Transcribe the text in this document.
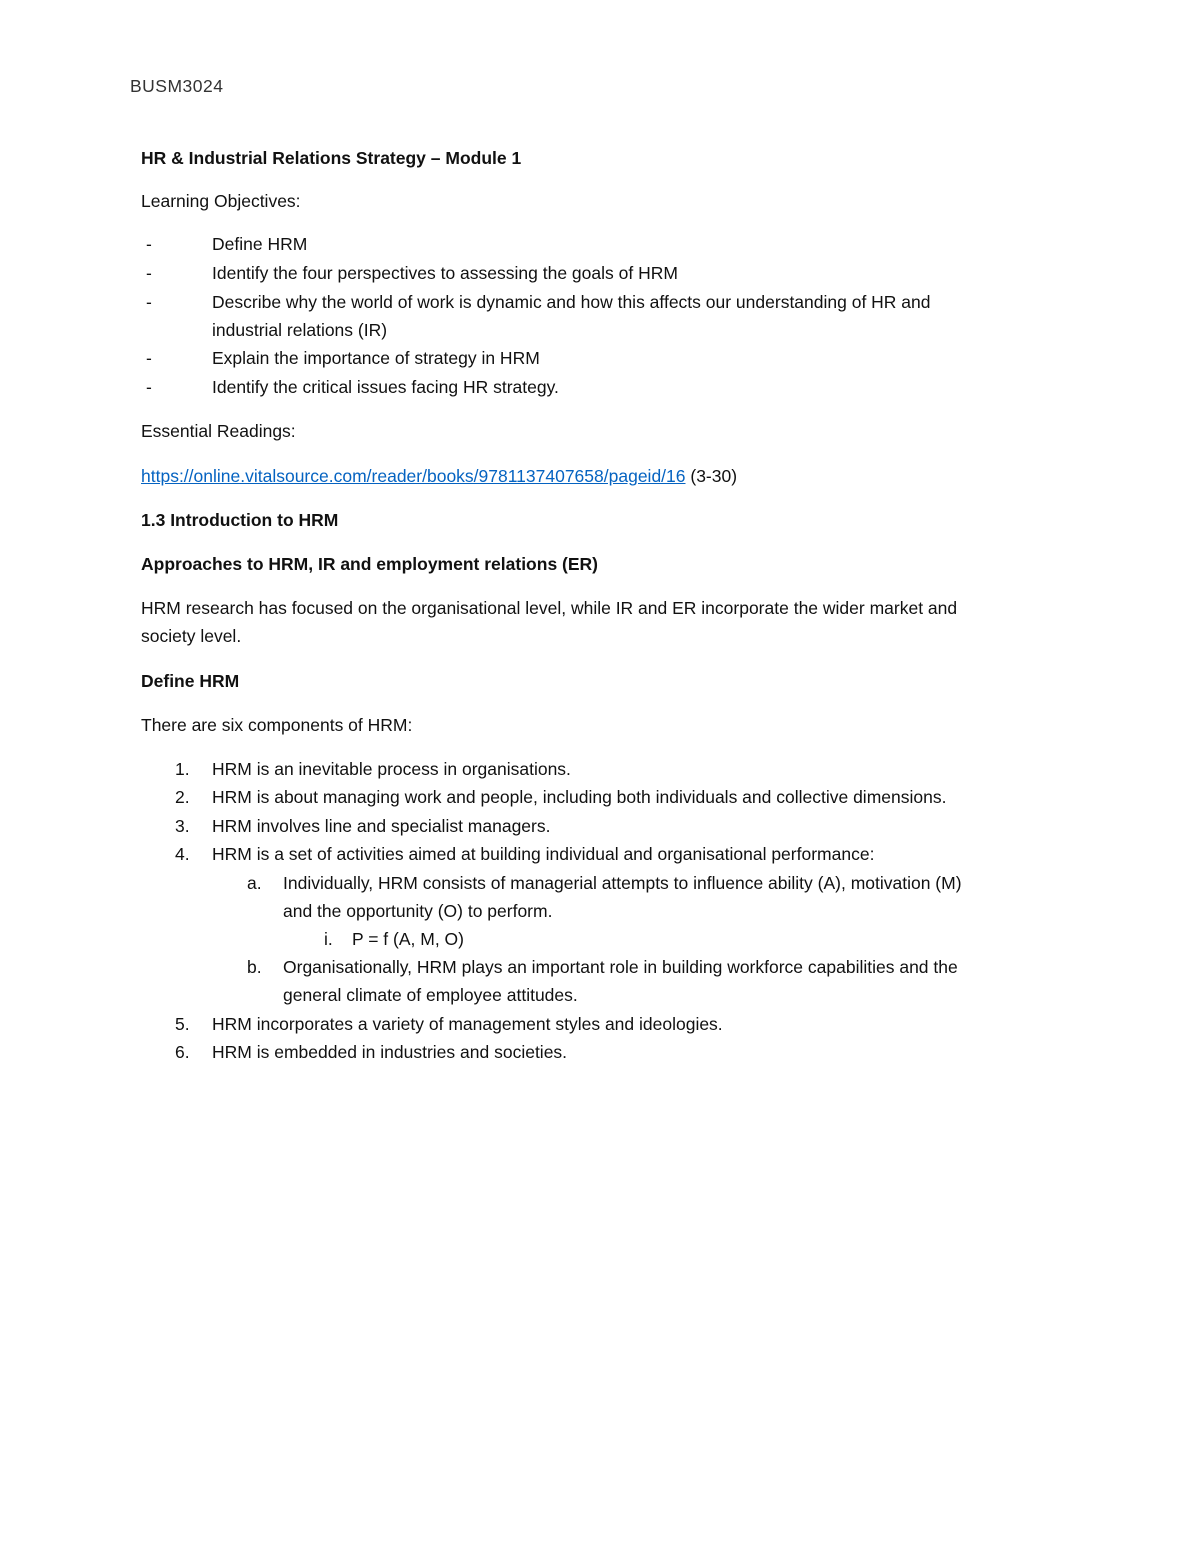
BUSM3024
HR & Industrial Relations Strategy – Module 1
Learning Objectives:
-	Define HRM
-	Identify the four perspectives to assessing the goals of HRM
-	Describe why the world of work is dynamic and how this affects our understanding of HR and
industrial relations (IR)
-	Explain the importance of strategy in HRM
-	Identify the critical issues facing HR strategy.
Essential Readings:
https://online.vitalsource.com/reader/books/9781137407658/pageid/16 (3-30)
1.3 Introduction to HRM
Approaches to HRM, IR and employment relations (ER)
HRM research has focused on the organisational level, while IR and ER incorporate the wider market and
society level.
Define HRM
There are six components of HRM:
1. HRM is an inevitable process in organisations.
2. HRM is about managing work and people, including both individuals and collective dimensions.
3. HRM involves line and specialist managers.
4. HRM is a set of activities aimed at building individual and organisational performance:
a. Individually, HRM consists of managerial attempts to influence ability (A), motivation (M)
and the opportunity (O) to perform.
i. P = f (A, M, O)
b. Organisationally, HRM plays an important role in building workforce capabilities and the
general climate of employee attitudes.
5. HRM incorporates a variety of management styles and ideologies.
6. HRM is embedded in industries and societies.
